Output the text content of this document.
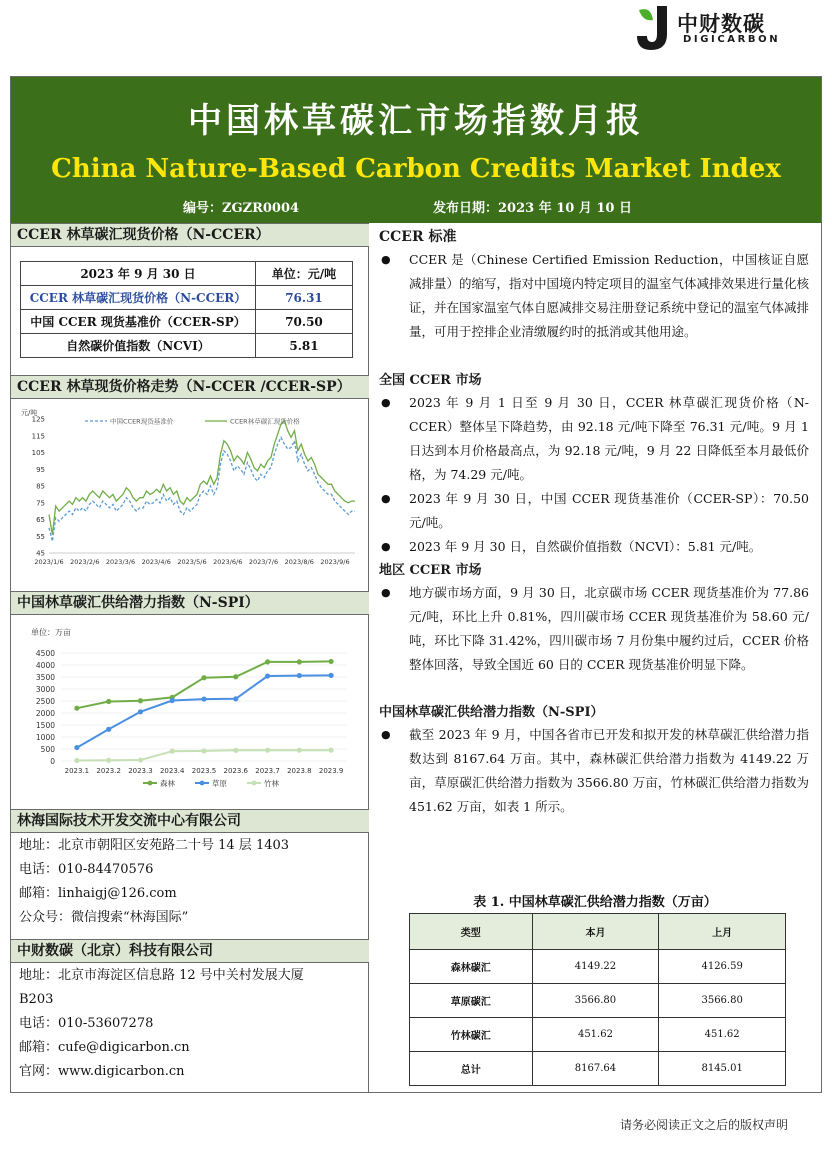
中财数碳
DIGICARBON
中国林草碳汇市场指数月报
China Nature-Based Carbon Credits Market Index
编号：ZGZR0004	发布日期：2023 年 10 月 10 日
CCER 林草碳汇现货价格（N-CCER）
2023 年 9 月 30 日	单位：元/吨
CCER 林草碳汇现货价格（N-CCER）	76.31
中国 CCER 现货基准价（CCER-SP）	70.50
自然碳价值指数（NCVI）	5.81
CCER 林草现货价格走势（N-CCER /CCER-SP）
元/吨
45
55
65
75
85
95
105
115
125
2023/1/6 2023/2/6 2023/3/6 2023/4/6 2023/5/6 2023/6/6 2023/7/6 2023/8/6 2023/9/6
中国CCER现货基准价	CCER林草碳汇现货价格
中国林草碳汇供给潜力指数（N-SPI）
单位：万亩
0
500
1000
1500
2000
2500
3000
3500
4000
4500
2023.1 2023.2 2023.3 2023.4 2023.5 2023.6 2023.7 2023.8 2023.9
森林	草原	竹林
林海国际技术开发交流中心有限公司
地址：北京市朝阳区安苑路二十号 14 层 1403
电话：010-84470576
邮箱：linhaigj@126.com
公众号：微信搜索“林海国际”
中财数碳（北京）科技有限公司
地址：北京市海淀区信息路 12 号中关村发展大厦
B203
电话：010-53607278
邮箱：cufe@digicarbon.cn
官网：www.digicarbon.cn
CCER 标准
●	CCER 是（Chinese Certified Emission Reduction，中国核证自愿减排量）的缩写，指对中国境内特定项目的温室气体减排效果进行量化核证，并在国家温室气体自愿减排交易注册登记系统中登记的温室气体减排量，可用于控排企业清缴履约时的抵消或其他用途。
全国 CCER 市场
●	2023 年 9 月 1 日至 9 月 30 日，CCER 林草碳汇现货价格（N-CCER）整体呈下降趋势，由 92.18 元/吨下降至 76.31 元/吨。9 月 1 日达到本月价格最高点，为 92.18 元/吨，9 月 22 日降低至本月最低价格，为 74.29 元/吨。
●	2023 年 9 月 30 日，中国 CCER 现货基准价（CCER-SP）：70.50 元/吨。
●	2023 年 9 月 30 日，自然碳价值指数（NCVI）：5.81 元/吨。
地区 CCER 市场
●	地方碳市场方面，9 月 30 日，北京碳市场 CCER 现货基准价为 77.86 元/吨，环比上升 0.81%，四川碳市场 CCER 现货基准价为 58.60 元/吨，环比下降 31.42%，四川碳市场 7 月份集中履约过后，CCER 价格整体回落，导致全国近 60 日的 CCER 现货基准价明显下降。
中国林草碳汇供给潜力指数（N-SPI）
●	截至 2023 年 9 月，中国各省市已开发和拟开发的林草碳汇供给潜力指数达到 8167.64 万亩。其中，森林碳汇供给潜力指数为 4149.22 万亩，草原碳汇供给潜力指数为 3566.80 万亩，竹林碳汇供给潜力指数为 451.62 万亩，如表 1 所示。
表 1. 中国林草碳汇供给潜力指数（万亩）
类型	本月	上月
森林碳汇	4149.22	4126.59
草原碳汇	3566.80	3566.80
竹林碳汇	451.62	451.62
总计	8167.64	8145.01
请务必阅读正文之后的版权声明
